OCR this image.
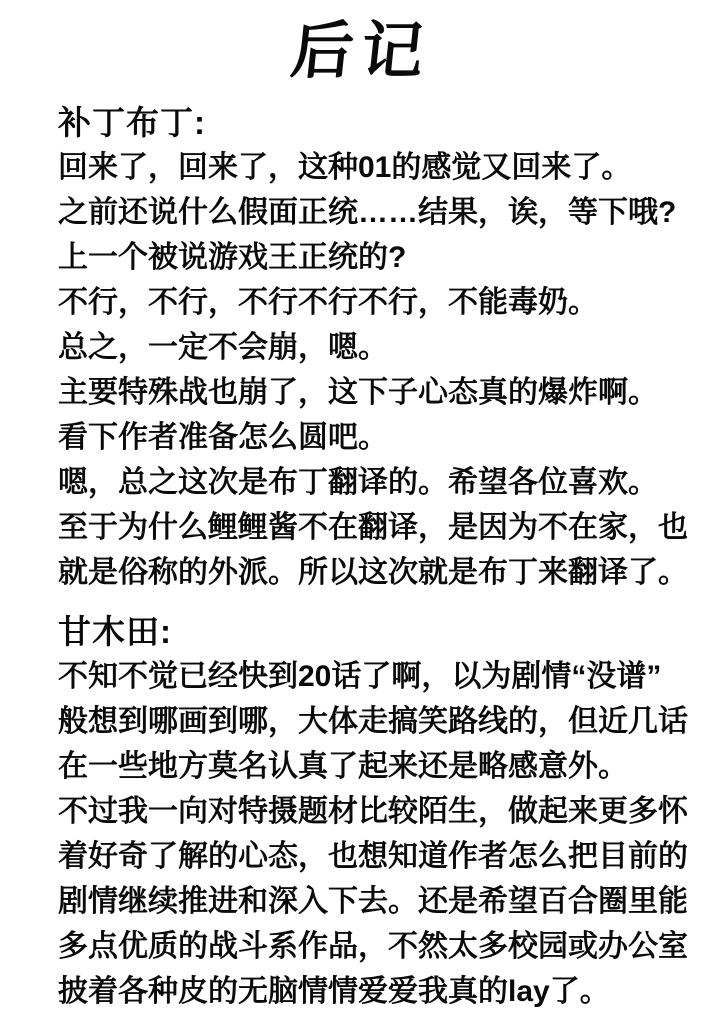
后记
补丁布丁:
回来了，回来了，这种01的感觉又回来了。
之前还说什么假面正统……结果，诶，等下哦?
上一个被说游戏王正统的?
不行，不行，不行不行不行，不能毒奶。
总之，一定不会崩，嗯。
主要特殊战也崩了，这下子心态真的爆炸啊。
看下作者准备怎么圆吧。
嗯，总之这次是布丁翻译的。希望各位喜欢。
至于为什么鲤鲤酱不在翻译，是因为不在家，也
就是俗称的外派。所以这次就是布丁来翻译了。
甘木田:
不知不觉已经快到20话了啊，以为剧情“没谱”
般想到哪画到哪，大体走搞笑路线的，但近几话
在一些地方莫名认真了起来还是略感意外。
不过我一向对特摄题材比较陌生，做起来更多怀
着好奇了解的心态，也想知道作者怎么把目前的
剧情继续推进和深入下去。还是希望百合圈里能
多点优质的战斗系作品，不然太多校园或办公室
披着各种皮的无脑情情爱爱我真的lay了。
